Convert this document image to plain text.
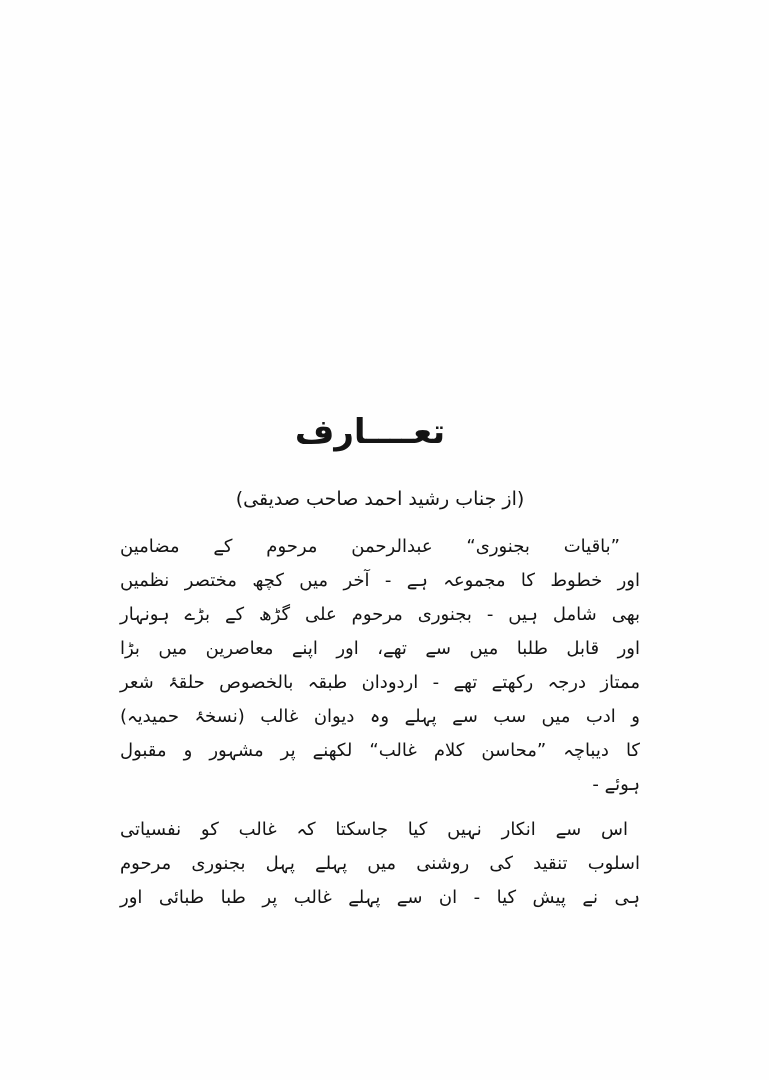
تعــــارف

(از جناب رشید احمد صاحب صدیقی)

”باقیات بجنوری“ عبدالرحمن مرحوم کے مضامین
اور خطوط کا مجموعہ ہے - آخر میں کچھ مختصر نظمیں
بھی شامل ہیں - بجنوری مرحوم علی گڑھ کے بڑے ہونہار
اور قابل طلبا میں سے تھے، اور اپنے معاصرین میں بڑا
ممتاز درجہ رکھتے تھے - اردودان طبقہ بالخصوص حلقۂ شعر
و ادب میں سب سے پہلے وہ دیوان غالب (نسخۂ حمیدیہ)
کا دیباچہ ”محاسن کلام غالب“ لکھنے پر مشہور و مقبول
ہوئے -
اس سے انکار نہیں کیا جاسکتا کہ غالب کو نفسیاتی
اسلوب تنقید کی روشنی میں پہلے پہل بجنوری مرحوم
ہی نے پیش کیا - ان سے پہلے غالب پر طبا طبائی اور
